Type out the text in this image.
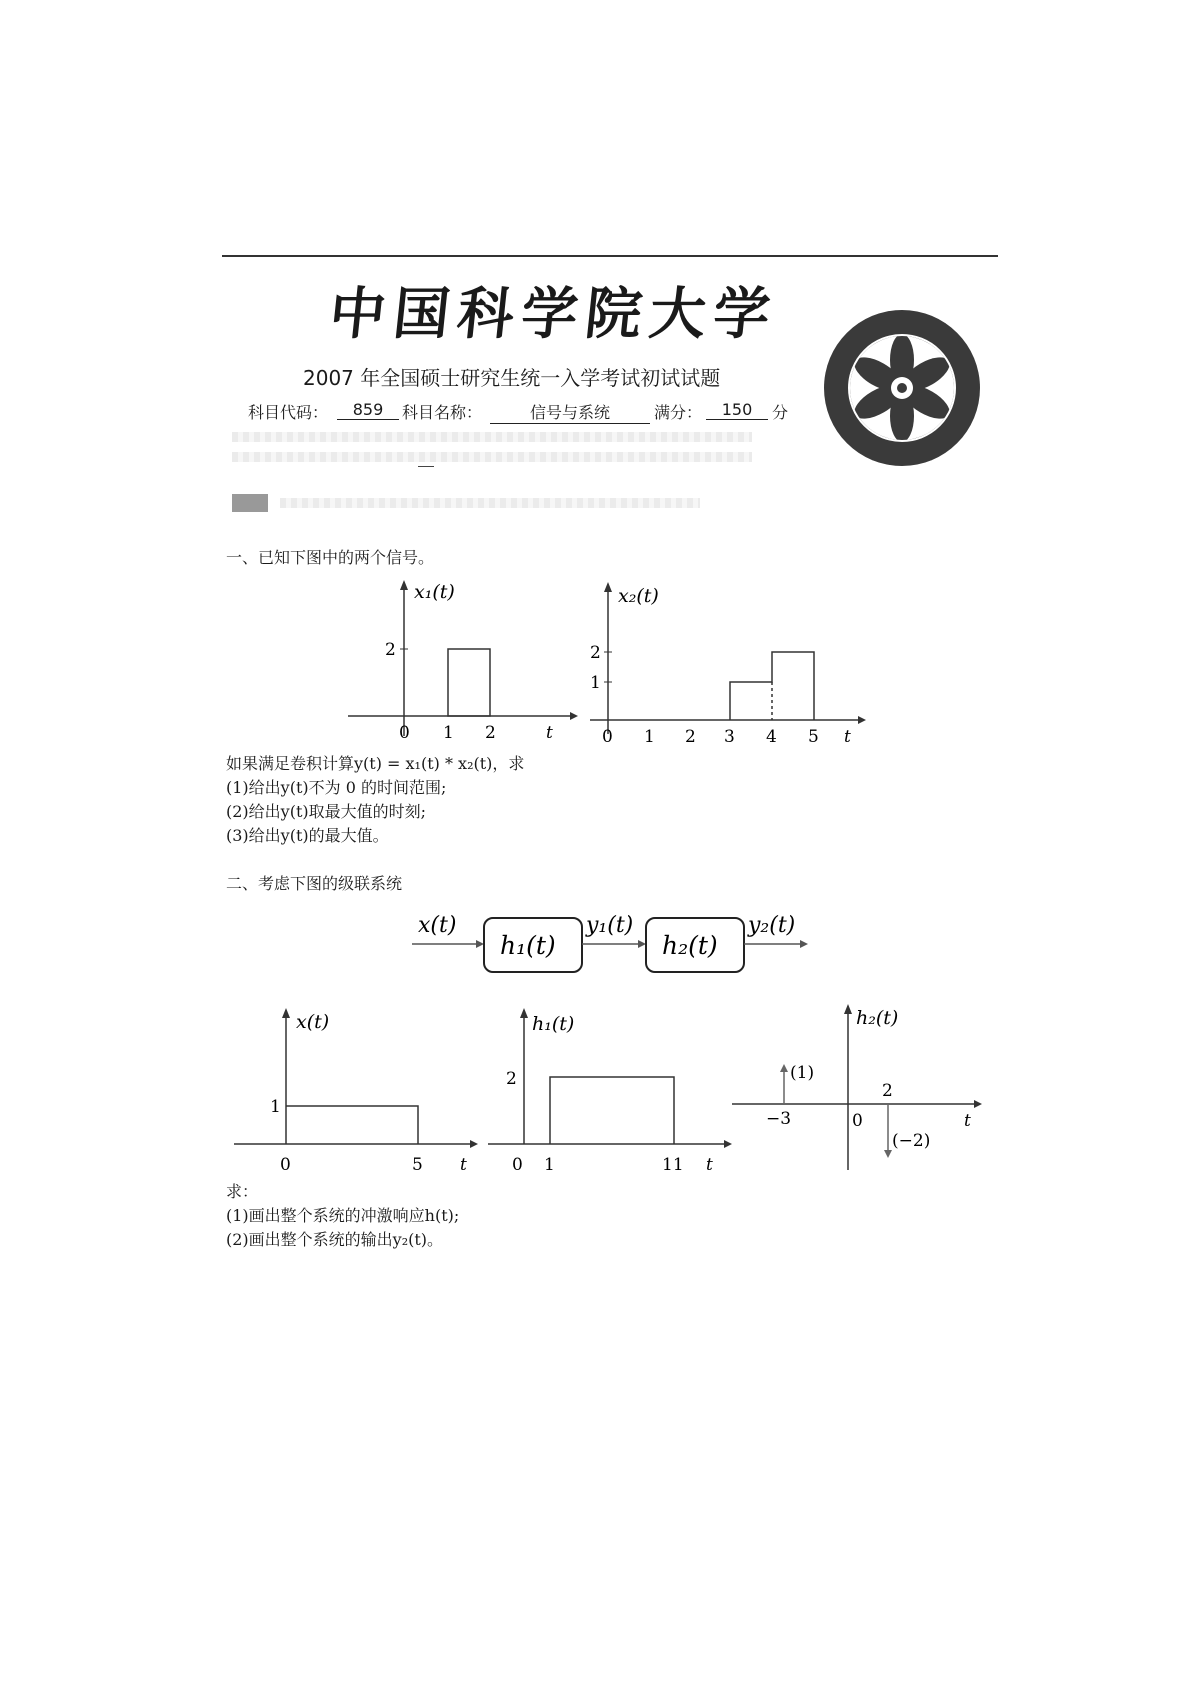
中国科学院大学
2007 年全国硕士研究生统一入学考试初试试题
科目代码：	859	科目名称：	信号与系统	满分：	150	分
一、已知下图中的两个信号。
x₁(t)
2
0 1 2	t
x₂(t)
2
1
0 1 2 3 4 5 t
如果满足卷积计算y(t) = x₁(t) * x₂(t)，求
(1)给出y(t)不为 0 的时间范围;
(2)给出y(t)取最大值的时刻;
(3)给出y(t)的最大值。
二、考虑下图的级联系统
x(t)
h₁(t)
y₁(t)
h₂(t)
y₂(t)
x(t)
1
0	5 t
h₁(t)
2
0 1	11 t
h₂(t)
(1)
(−2)
−3	0
2
t
求：
(1)画出整个系统的冲激响应h(t);
(2)画出整个系统的输出y₂(t)。
